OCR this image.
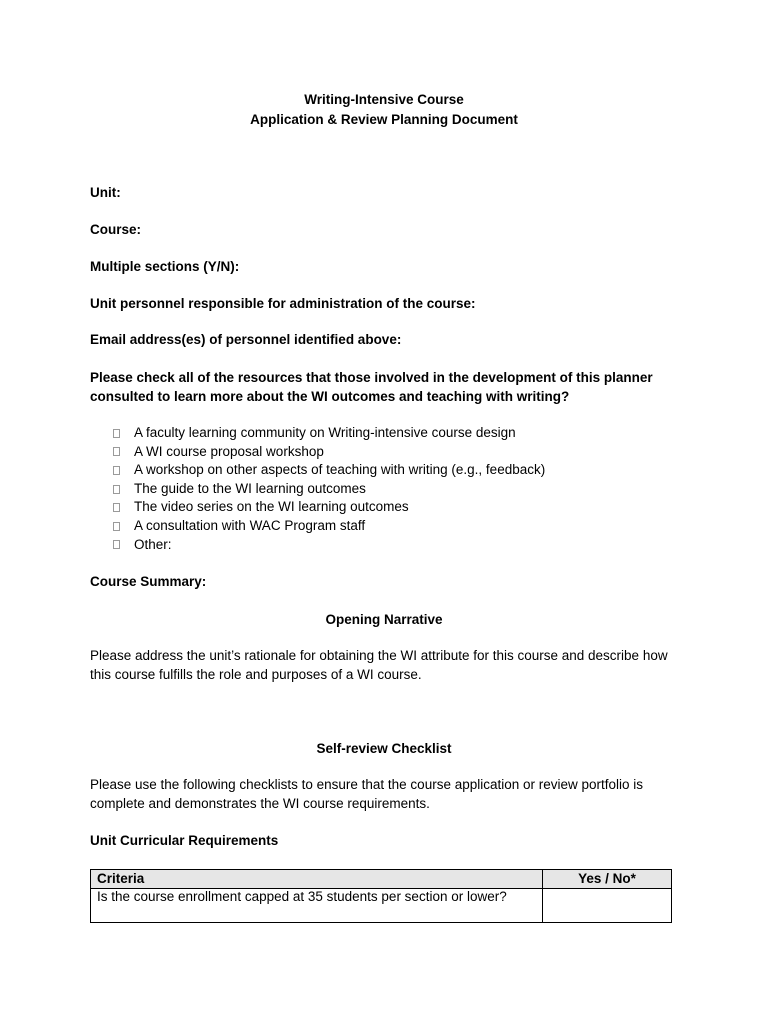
Writing-Intensive Course
Application & Review Planning Document
Unit:
Course:
Multiple sections (Y/N):
Unit personnel responsible for administration of the course:
Email address(es) of personnel identified above:
Please check all of the resources that those involved in the development of this planner consulted to learn more about the WI outcomes and teaching with writing?
A faculty learning community on Writing-intensive course design
A WI course proposal workshop
A workshop on other aspects of teaching with writing (e.g., feedback)
The guide to the WI learning outcomes
The video series on the WI learning outcomes
A consultation with WAC Program staff
Other:
Course Summary:
Opening Narrative
Please address the unit’s rationale for obtaining the WI attribute for this course and describe how this course fulfills the role and purposes of a WI course.
Self-review Checklist
Please use the following checklists to ensure that the course application or review portfolio is complete and demonstrates the WI course requirements.
Unit Curricular Requirements
Criteria	Yes / No*
Is the course enrollment capped at 35 students per section or lower?	
